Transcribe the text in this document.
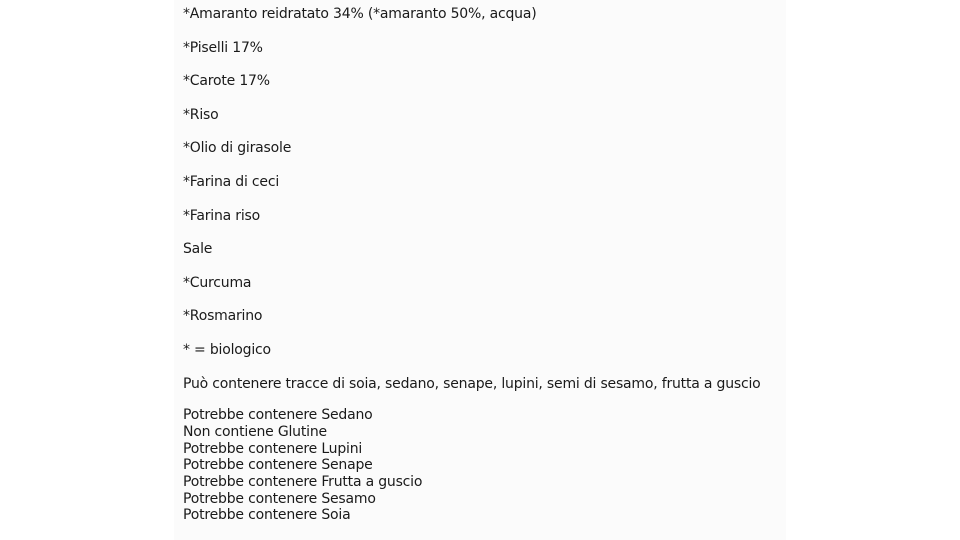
*Amaranto reidratato 34% (*amaranto 50%, acqua)
*Piselli 17%
*Carote 17%
*Riso
*Olio di girasole
*Farina di ceci
*Farina riso
Sale
*Curcuma
*Rosmarino
* = biologico
Può contenere tracce di soia, sedano, senape, lupini, semi di sesamo, frutta a guscio
Potrebbe contenere Sedano
Non contiene Glutine
Potrebbe contenere Lupini
Potrebbe contenere Senape
Potrebbe contenere Frutta a guscio
Potrebbe contenere Sesamo
Potrebbe contenere Soia
